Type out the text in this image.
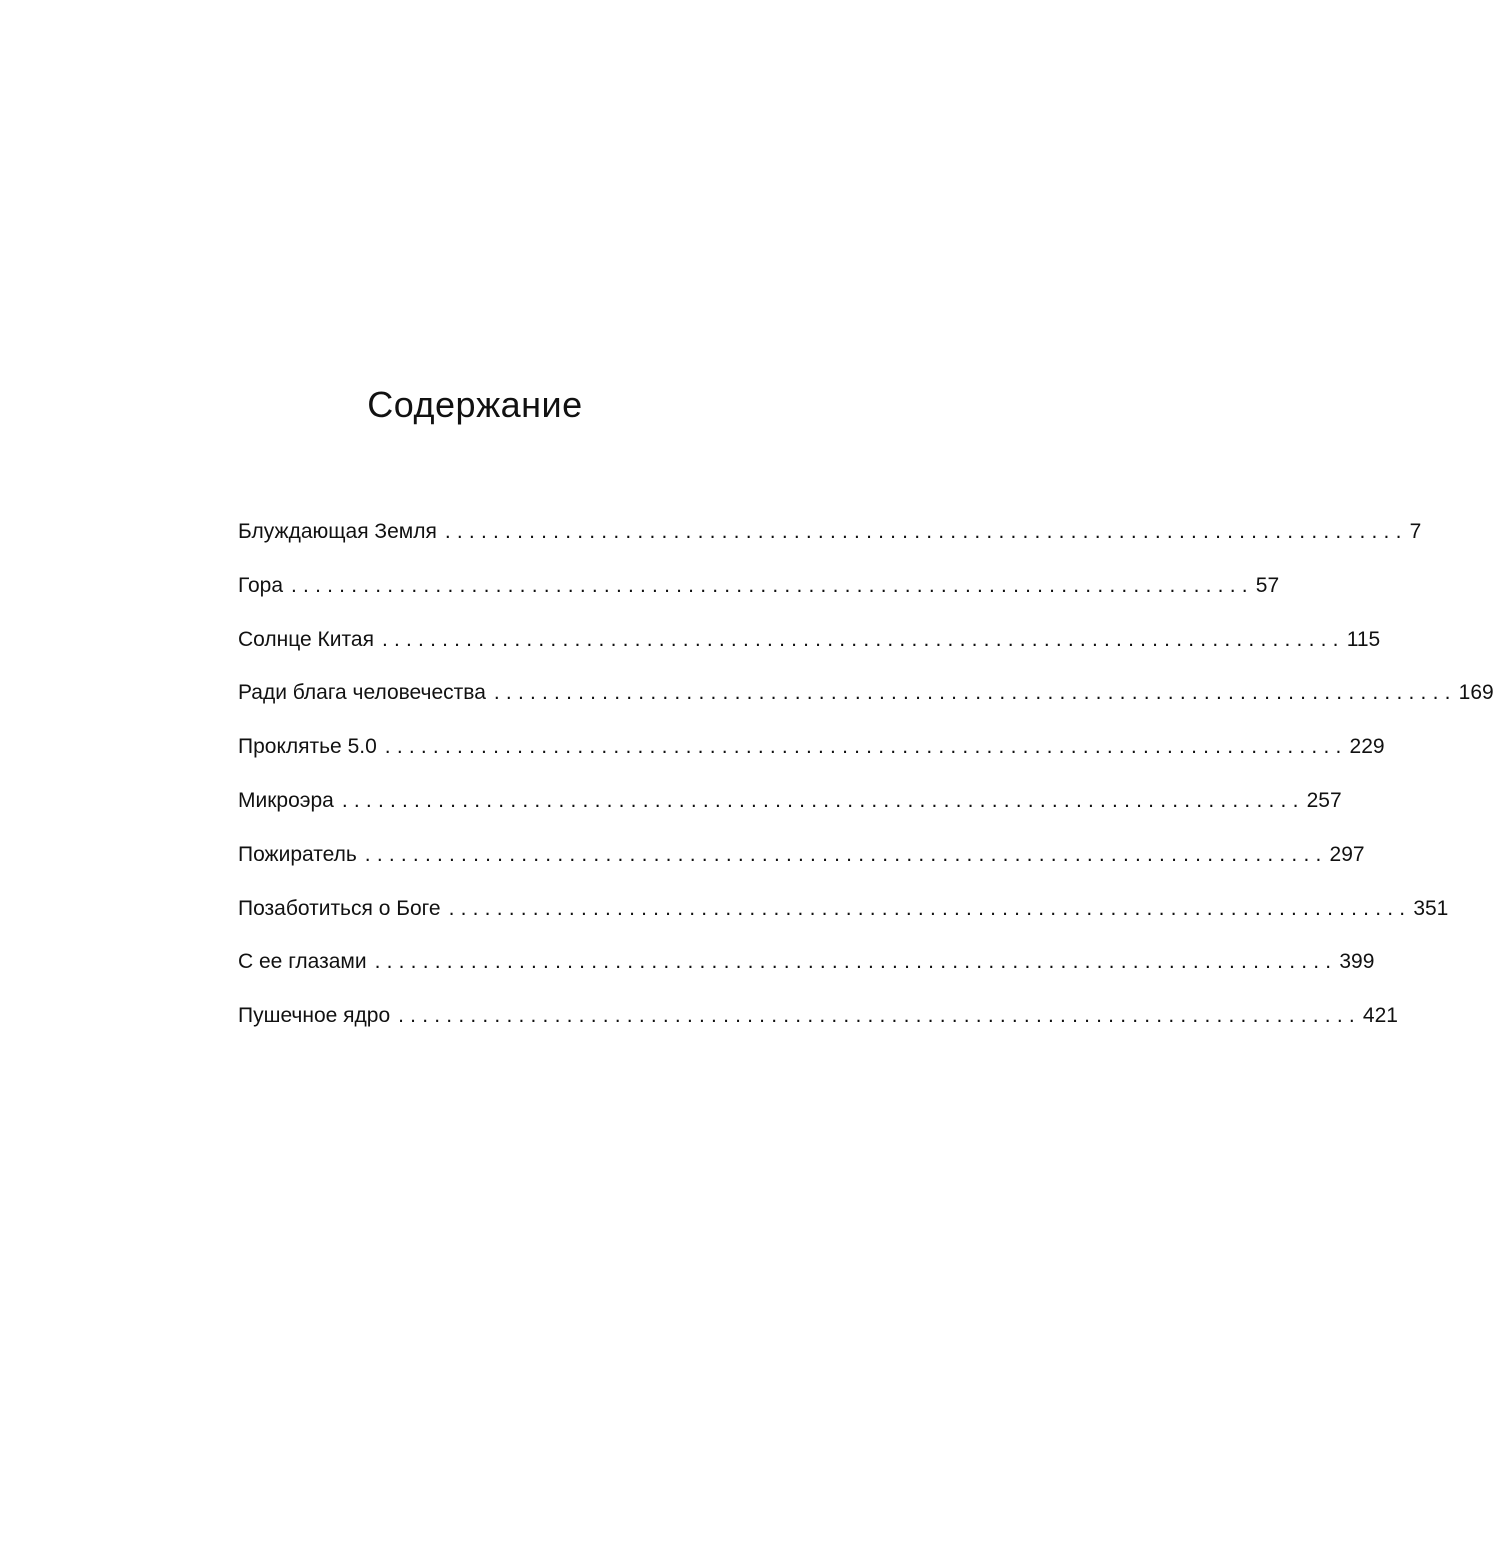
Содержание
Блуждающая Земля ................................................................................ 7
Гора ................................................................................ 57
Солнце Китая ................................................................................ 115
Ради блага человечества ................................................................................ 169
Проклятье 5.0 ................................................................................ 229
Микроэра ................................................................................ 257
Пожиратель ................................................................................ 297
Позаботиться о Боге ................................................................................ 351
С ее глазами ................................................................................ 399
Пушечное ядро ................................................................................ 421
